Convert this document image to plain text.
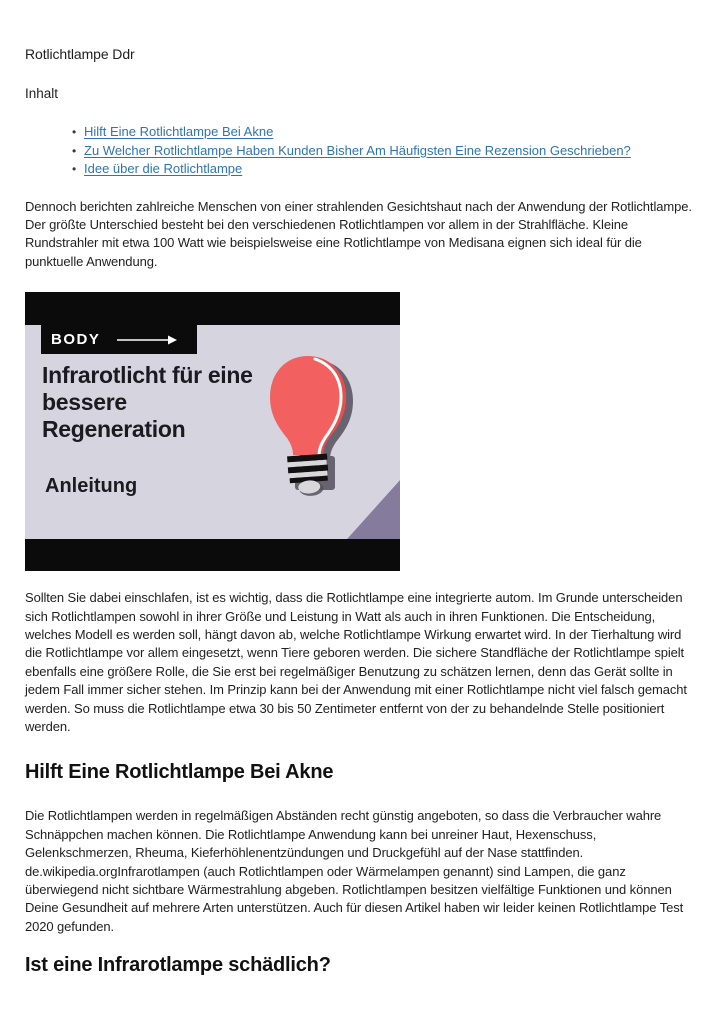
Rotlichtlampe Ddr
Inhalt
• Hilft Eine Rotlichtlampe Bei Akne
• Zu Welcher Rotlichtlampe Haben Kunden Bisher Am Häufigsten Eine Rezension Geschrieben?
• Idee über die Rotlichtlampe

Dennoch berichten zahlreiche Menschen von einer strahlenden Gesichtshaut nach der Anwendung der Rotlichtlampe. Der größte Unterschied besteht bei den verschiedenen Rotlichtlampen vor allem in der Strahlfläche. Kleine Rundstrahler mit etwa 100 Watt wie beispielsweise eine Rotlichtlampe von Medisana eignen sich ideal für die punktuelle Anwendung.

BODY
Infrarotlicht für eine bessere Regeneration
Anleitung

Sollten Sie dabei einschlafen, ist es wichtig, dass die Rotlichtlampe eine integrierte autom. Im Grunde unterscheiden sich Rotlichtlampen sowohl in ihrer Größe und Leistung in Watt als auch in ihren Funktionen. Die Entscheidung, welches Modell es werden soll, hängt davon ab, welche Rotlichtlampe Wirkung erwartet wird. In der Tierhaltung wird die Rotlichtlampe vor allem eingesetzt, wenn Tiere geboren werden. Die sichere Standfläche der Rotlichtlampe spielt ebenfalls eine größere Rolle, die Sie erst bei regelmäßiger Benutzung zu schätzen lernen, denn das Gerät sollte in jedem Fall immer sicher stehen. Im Prinzip kann bei der Anwendung mit einer Rotlichtlampe nicht viel falsch gemacht werden. So muss die Rotlichtlampe etwa 30 bis 50 Zentimeter entfernt von der zu behandelnde Stelle positioniert werden.

Hilft Eine Rotlichtlampe Bei Akne

Die Rotlichtlampen werden in regelmäßigen Abständen recht günstig angeboten, so dass die Verbraucher wahre Schnäppchen machen können. Die Rotlichtlampe Anwendung kann bei unreiner Haut, Hexenschuss, Gelenkschmerzen, Rheuma, Kieferhöhlenentzündungen und Druckgefühl auf der Nase stattfinden. de.wikipedia.orgInfrarotlampen (auch Rotlichtlampen oder Wärmelampen genannt) sind Lampen, die ganz überwiegend nicht sichtbare Wärmestrahlung abgeben. Rotlichtlampen besitzen vielfältige Funktionen und können Deine Gesundheit auf mehrere Arten unterstützen. Auch für diesen Artikel haben wir leider keinen Rotlichtlampe Test 2020 gefunden.

Ist eine Infrarotlampe schädlich?
